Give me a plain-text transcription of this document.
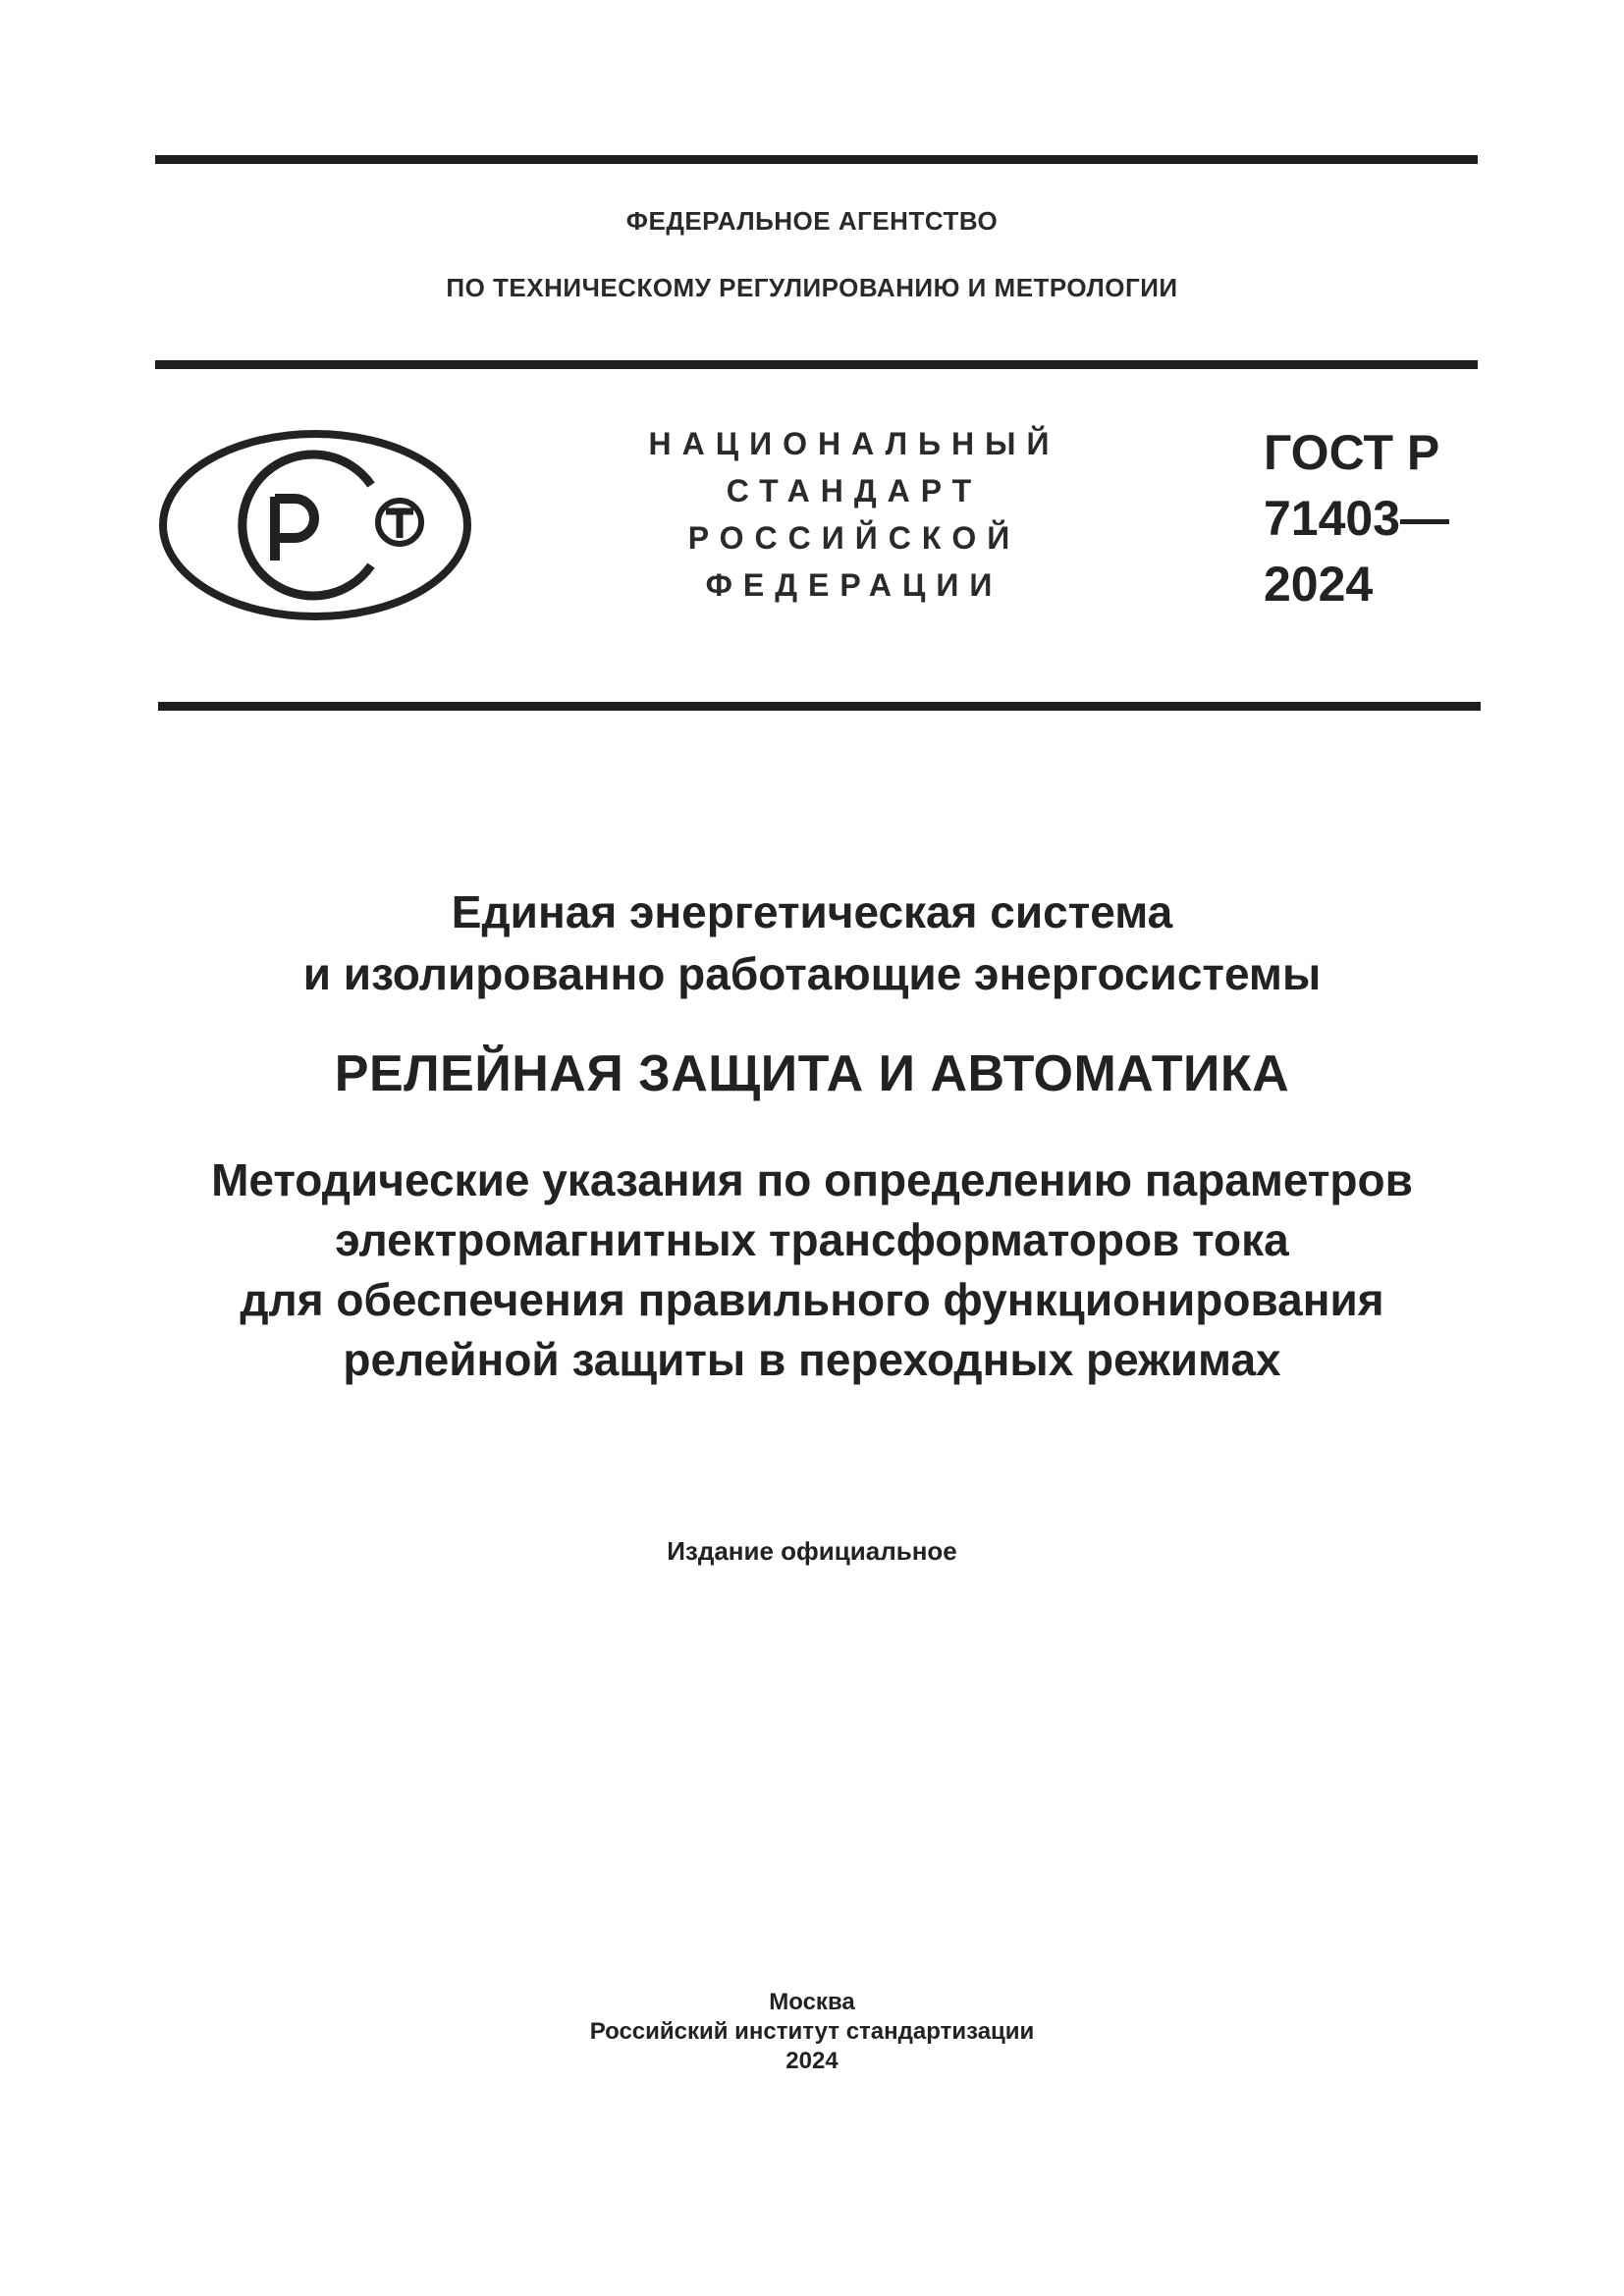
ФЕДЕРАЛЬНОЕ АГЕНТСТВО
ПО ТЕХНИЧЕСКОМУ РЕГУЛИРОВАНИЮ И МЕТРОЛОГИИ
НАЦИОНАЛЬНЫЙ
СТАНДАРТ
РОССИЙСКОЙ
ФЕДЕРАЦИИ
ГОСТ Р
71403—
2024
Единая энергетическая система
и изолированно работающие энергосистемы
РЕЛЕЙНАЯ ЗАЩИТА И АВТОМАТИКА
Методические указания по определению параметров
электромагнитных трансформаторов тока
для обеспечения правильного функционирования
релейной защиты в переходных режимах
Издание официальное
Москва
Российский институт стандартизации
2024
